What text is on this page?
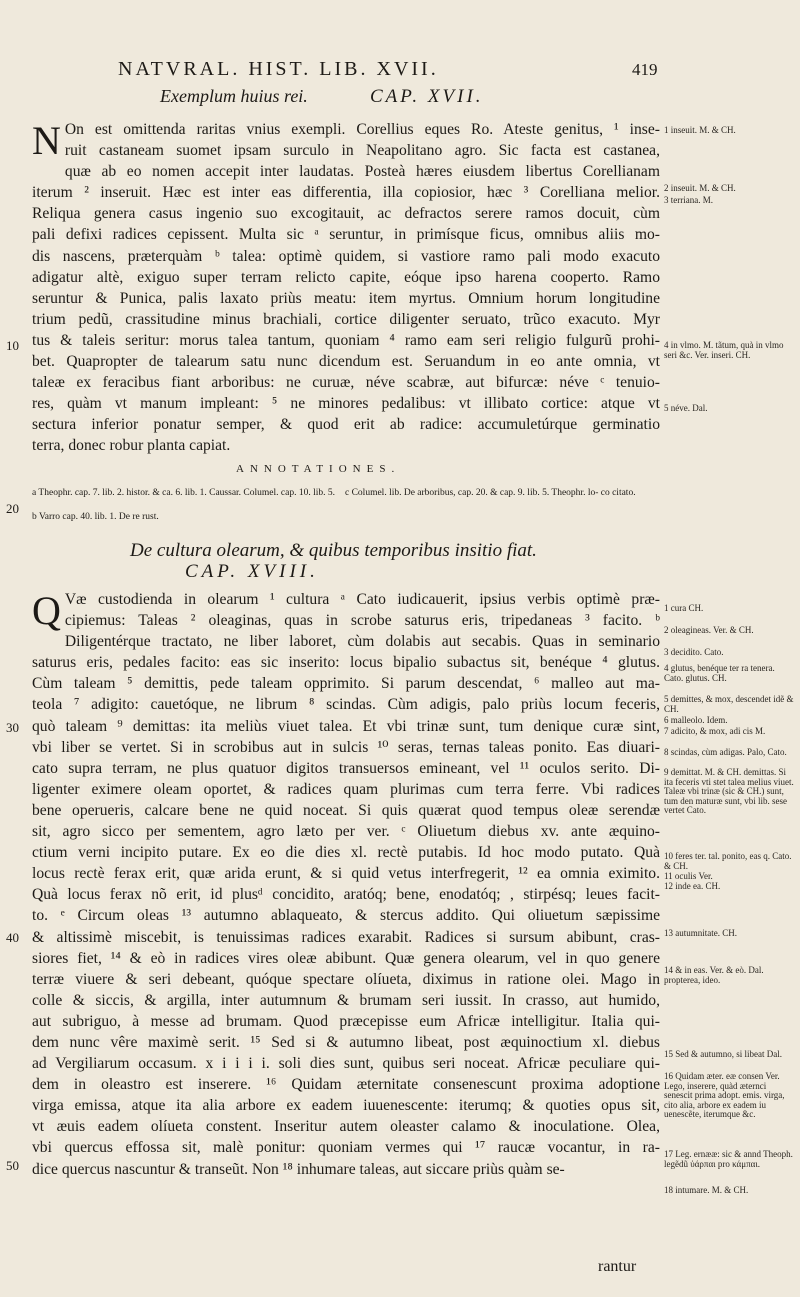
NATVRAL. HIST. LIB. XVII.	419
Exemplum huius rei.	CAP. XVII.
10
20
30
40
50
N On est omittenda raritas vnius exempli. Corellius eques Ro. Ateste genitus, ¹ inse-
ruit castaneam suomet ipsam surculo in Neapolitano agro. Sic facta est castanea,
quæ ab eo nomen accepit inter laudatas. Posteà hæres eiusdem libertus Corellianam
iterum ² inseruit. Hæc est inter eas differentia, illa copiosior, hæc ³ Corelliana melior.
Reliqua genera casus ingenio suo excogitauit, ac defractos serere ramos docuit, cùm
pali defixi radices cepissent. Multa sic ᵃ seruntur, in primísque ficus, omnibus aliis mo-
dis nascens, præterquàm ᵇ talea: optimè quidem, si vastiore ramo pali modo exacuto
adigatur altè, exiguo super terram relicto capite, eóque ipso harena cooperto. Ramo
seruntur & Punica, palis laxato priùs meatu: item myrtus. Omnium horum longitudine
trium pedũ, crassitudine minus brachiali, cortice diligenter seruato, trũco exacuto. Myr
tus & taleis seritur: morus talea tantum, quoniam ⁴ ramo eam seri religio fulgurũ prohi-
bet. Quapropter de talearum satu nunc dicendum est. Seruandum in eo ante omnia, vt
taleæ ex feracibus fiant arboribus: ne curuæ, néve scabræ, aut bifurcæ: néve ᶜ tenuio-
res, quàm vt manum impleant: ⁵ ne minores pedalibus: vt illibato cortice: atque vt
sectura inferior ponatur semper, & quod erit ab radice: accumuletúrque germinatio
terra, donec robur planta capiat.
ANNOTATIONES.
a Theophr. cap. 7. lib. 2. histor. & ca. 6. lib. 1. Caussar. Columel. cap. 10. lib. 5.
b Varro cap. 40. lib. 1. De re rust.
c Columel. lib. De arboribus, cap. 20. & cap. 9. lib. 5. Theophr. lo- co citato.
De cultura olearum, & quibus temporibus insitio fiat.
CAP. XVIII.
Q Væ custodienda in olearum ¹ cultura ᵃ Cato iudicauerit, ipsius verbis optimè præ-
cipiemus: Taleas ² oleaginas, quas in scrobe saturus eris, tripedaneas ³ facito. ᵇ
Diligentérque tractato, ne liber laboret, cùm dolabis aut secabis. Quas in seminario
saturus eris, pedales facito: eas sic inserito: locus bipalio subactus sit, benéque ⁴ glutus.
Cùm taleam ⁵ demittis, pede taleam opprimito. Si parum descendat, ⁶ malleo aut ma-
teola ⁷ adigito: cauetóque, ne librum ⁸ scindas. Cùm adigis, palo priùs locum feceris,
quò taleam ⁹ demittas: ita meliùs viuet talea. Et vbi trinæ sunt, tum denique curæ sint,
vbi liber se vertet. Si in scrobibus aut in sulcis ¹⁰ seras, ternas taleas ponito. Eas diuari-
cato supra terram, ne plus quatuor digitos transuersos emineant, vel ¹¹ oculos serito. Di-
ligenter eximere oleam oportet, & radices quam plurimas cum terra ferre. Vbi radices
bene operueris, calcare bene ne quid noceat. Si quis quærat quod tempus oleæ serendæ
sit, agro sicco per sementem, agro læto per ver. ᶜ Oliuetum diebus xv. ante æquino-
ctium verni incipito putare. Ex eo die dies xl. rectè putabis. Id hoc modo putato. Quà
locus rectè ferax erit, quæ arida erunt, & si quid vetus interfregerit, ¹² ea omnia eximito.
Quà locus ferax nõ erit, id plusᵈ concidito, aratóq; bene, enodatóq; , stirpésq; leues facit-
to. ᵉ Circum oleas ¹³ autumno ablaqueato, & stercus addito. Qui oliuetum sæpissime
& altissimè miscebit, is tenuissimas radices exarabit. Radices si sursum abibunt, cras-
siores fiet, ¹⁴ & eò in radices vires oleæ abibunt. Quæ genera olearum, vel in quo genere
terræ viuere & seri debeant, quóque spectare olíueta, diximus in ratione olei. Mago in
colle & siccis, & argilla, inter autumnum & brumam seri iussit. In crasso, aut humido,
aut subriguo, à messe ad brumam. Quod præcepisse eum Africæ intelligitur. Italia qui-
dem nunc vêre maximè serit. ¹⁵ Sed si & autumno libeat, post æquinoctium xl. diebus
ad Vergiliarum occasum. x i i i i. soli dies sunt, quibus seri noceat. Africæ peculiare qui-
dem in oleastro est inserere. ¹⁶ Quidam æternitate consenescunt proxima adoptione
virga emissa, atque ita alia arbore ex eadem iuuenescente: iterumq; & quoties opus sit,
vt æuis eadem olíueta constent. Inseritur autem oleaster calamo & inoculatione. Olea,
vbi quercus effossa sit, malè ponitur: quoniam vermes qui ¹⁷ raucæ vocantur, in ra-
dice quercus nascuntur & transeũt. Non ¹⁸ inhumare taleas, aut siccare priùs quàm se-
rantur
1 inseuit. M. & CH.
2 inseuit. M. & CH.
3 terriana. M.
4 in vlmo. M. tãtum, quà in vlmo seri &c. Ver. inseri. CH.
5 néve. Dal.
1 cura CH.
2 oleagineas. Ver. & CH.
3 decidito. Cato.
4 glutus, benéque ter ra tenera. Cato. glutus. CH.
5 demittes, & mox, descendet idẽ & CH.
6 malleolo. Idem.
7 adicito, & mox, adi cis M.
8 scindas, cùm adigas. Palo, Cato.
9 demittat. M. & CH. demittas. Si ita feceris vti stet talea melius viuet. Taleæ vbi trinæ (sic & CH.) sunt, tum den maturæ sunt, vbi lib. sese vertet Cato.
10 feres ter. tal. ponito, eas q. Cato. & CH.
11 oculis Ver.
12 inde ea. CH.
13 autumnitate. CH.
14 & in eas. Ver. & eò. Dal. propterea, ideo.
15 Sed & autumno, si libeat Dal.
16 Quidam æter. eæ consen Ver. Lego, inserere, quàd æternci senescit prima adopt. emis. virga, cito alia, arbore ex eadem iu uenescẽte, iterumque &c.
17 Leg. ernææ: sic & annd Theoph. legẽdũ ὑάρπαι pro κάμπαι.
18 intumare. M. & CH.
